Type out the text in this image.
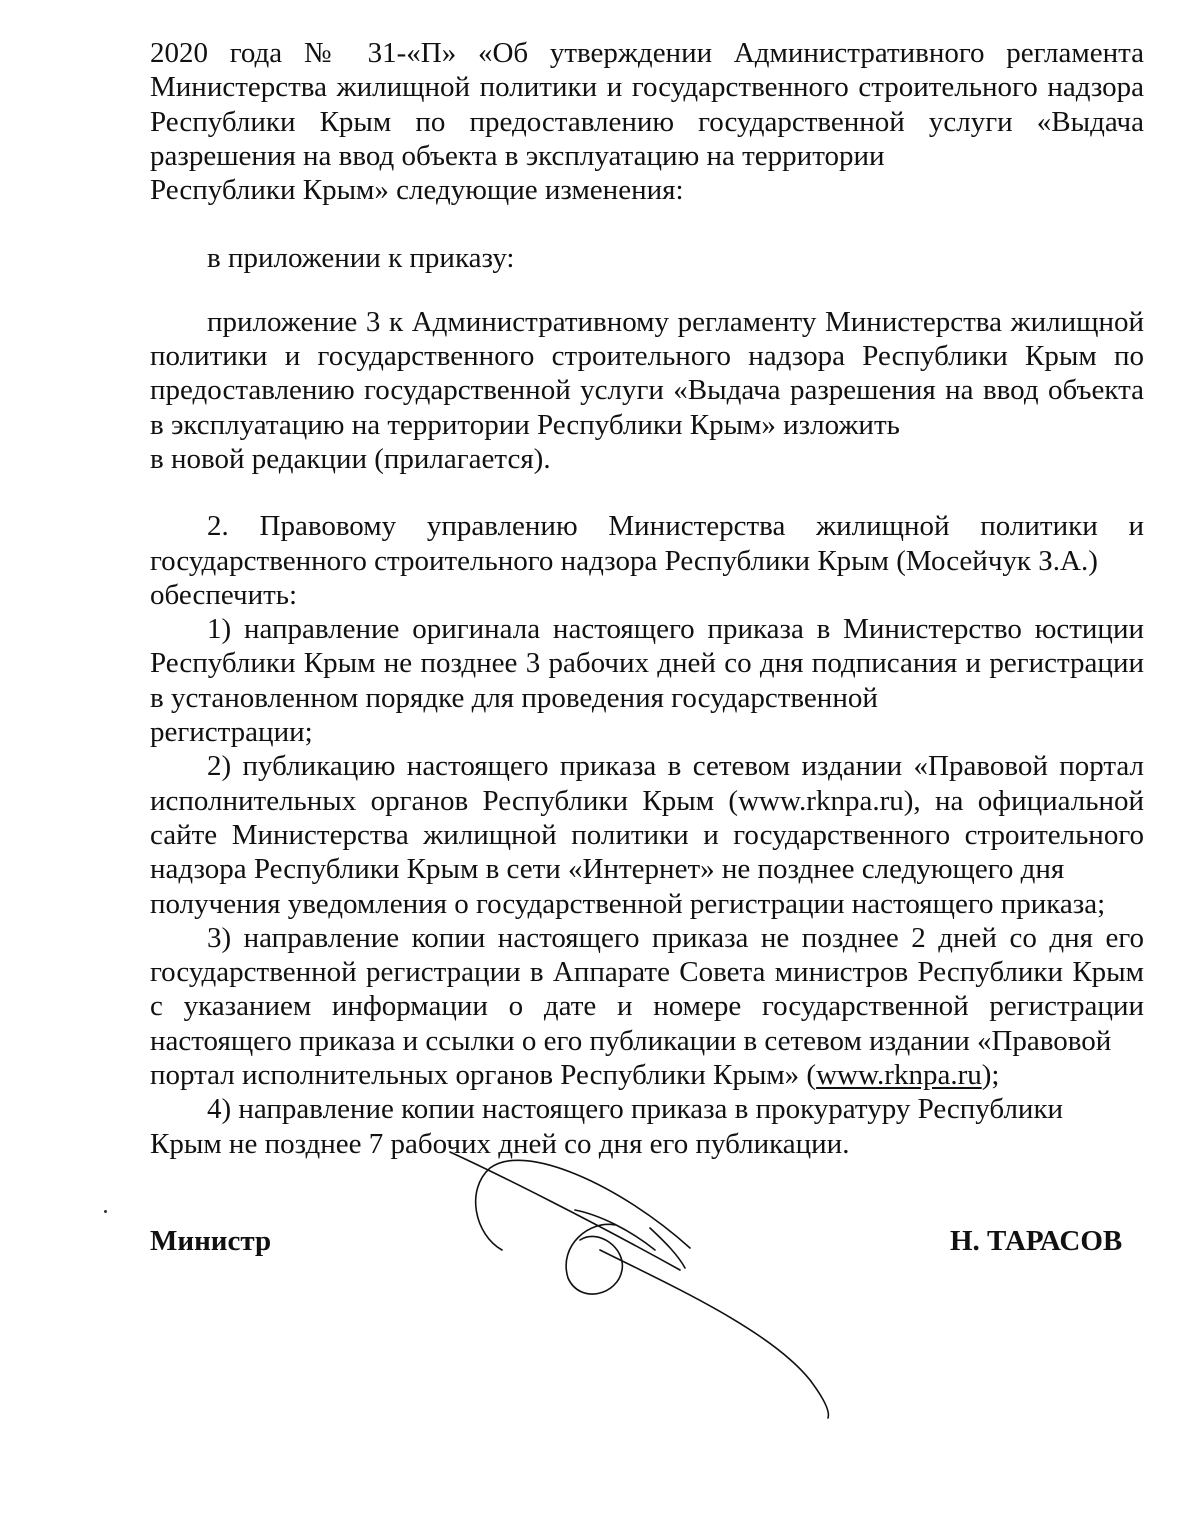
2020 года № 31-«П» «Об утверждении Административного регламента Министерства жилищной политики и государственного строительного надзора Республики Крым по предоставлению государственной услуги «Выдача разрешения на ввод объекта в эксплуатацию на территории
Республики Крым» следующие изменения:

в приложении к приказу:

приложение 3 к Административному регламенту Министерства жилищной политики и государственного строительного надзора Республики Крым по предоставлению государственной услуги «Выдача разрешения на ввод объекта в эксплуатацию на территории Республики Крым» изложить
в новой редакции (прилагается).

2. Правовому управлению Министерства жилищной политики и государственного строительного надзора Республики Крым (Мосейчук З.А.)
обеспечить:

1) направление оригинала настоящего приказа в Министерство юстиции Республики Крым не позднее 3 рабочих дней со дня подписания и регистрации в установленном порядке для проведения государственной
регистрации;

2) публикацию настоящего приказа в сетевом издании «Правовой портал исполнительных органов Республики Крым (www.rknpa.ru), на официальной сайте Министерства жилищной политики и государственного строительного надзора Республики Крым в сети «Интернет» не позднее следующего дня
получения уведомления о государственной регистрации настоящего приказа;

3) направление копии настоящего приказа не позднее 2 дней со дня его государственной регистрации в Аппарате Совета министров Республики Крым с указанием информации о дате и номере государственной регистрации настоящего приказа и ссылки о его публикации в сетевом издании «Правовой
портал исполнительных органов Республики Крым» (www.rknpa.ru);

4) направление копии настоящего приказа в прокуратуру Республики
Крым не позднее 7 рабочих дней со дня его публикации.

Министр	Н. ТАРАСОВ
